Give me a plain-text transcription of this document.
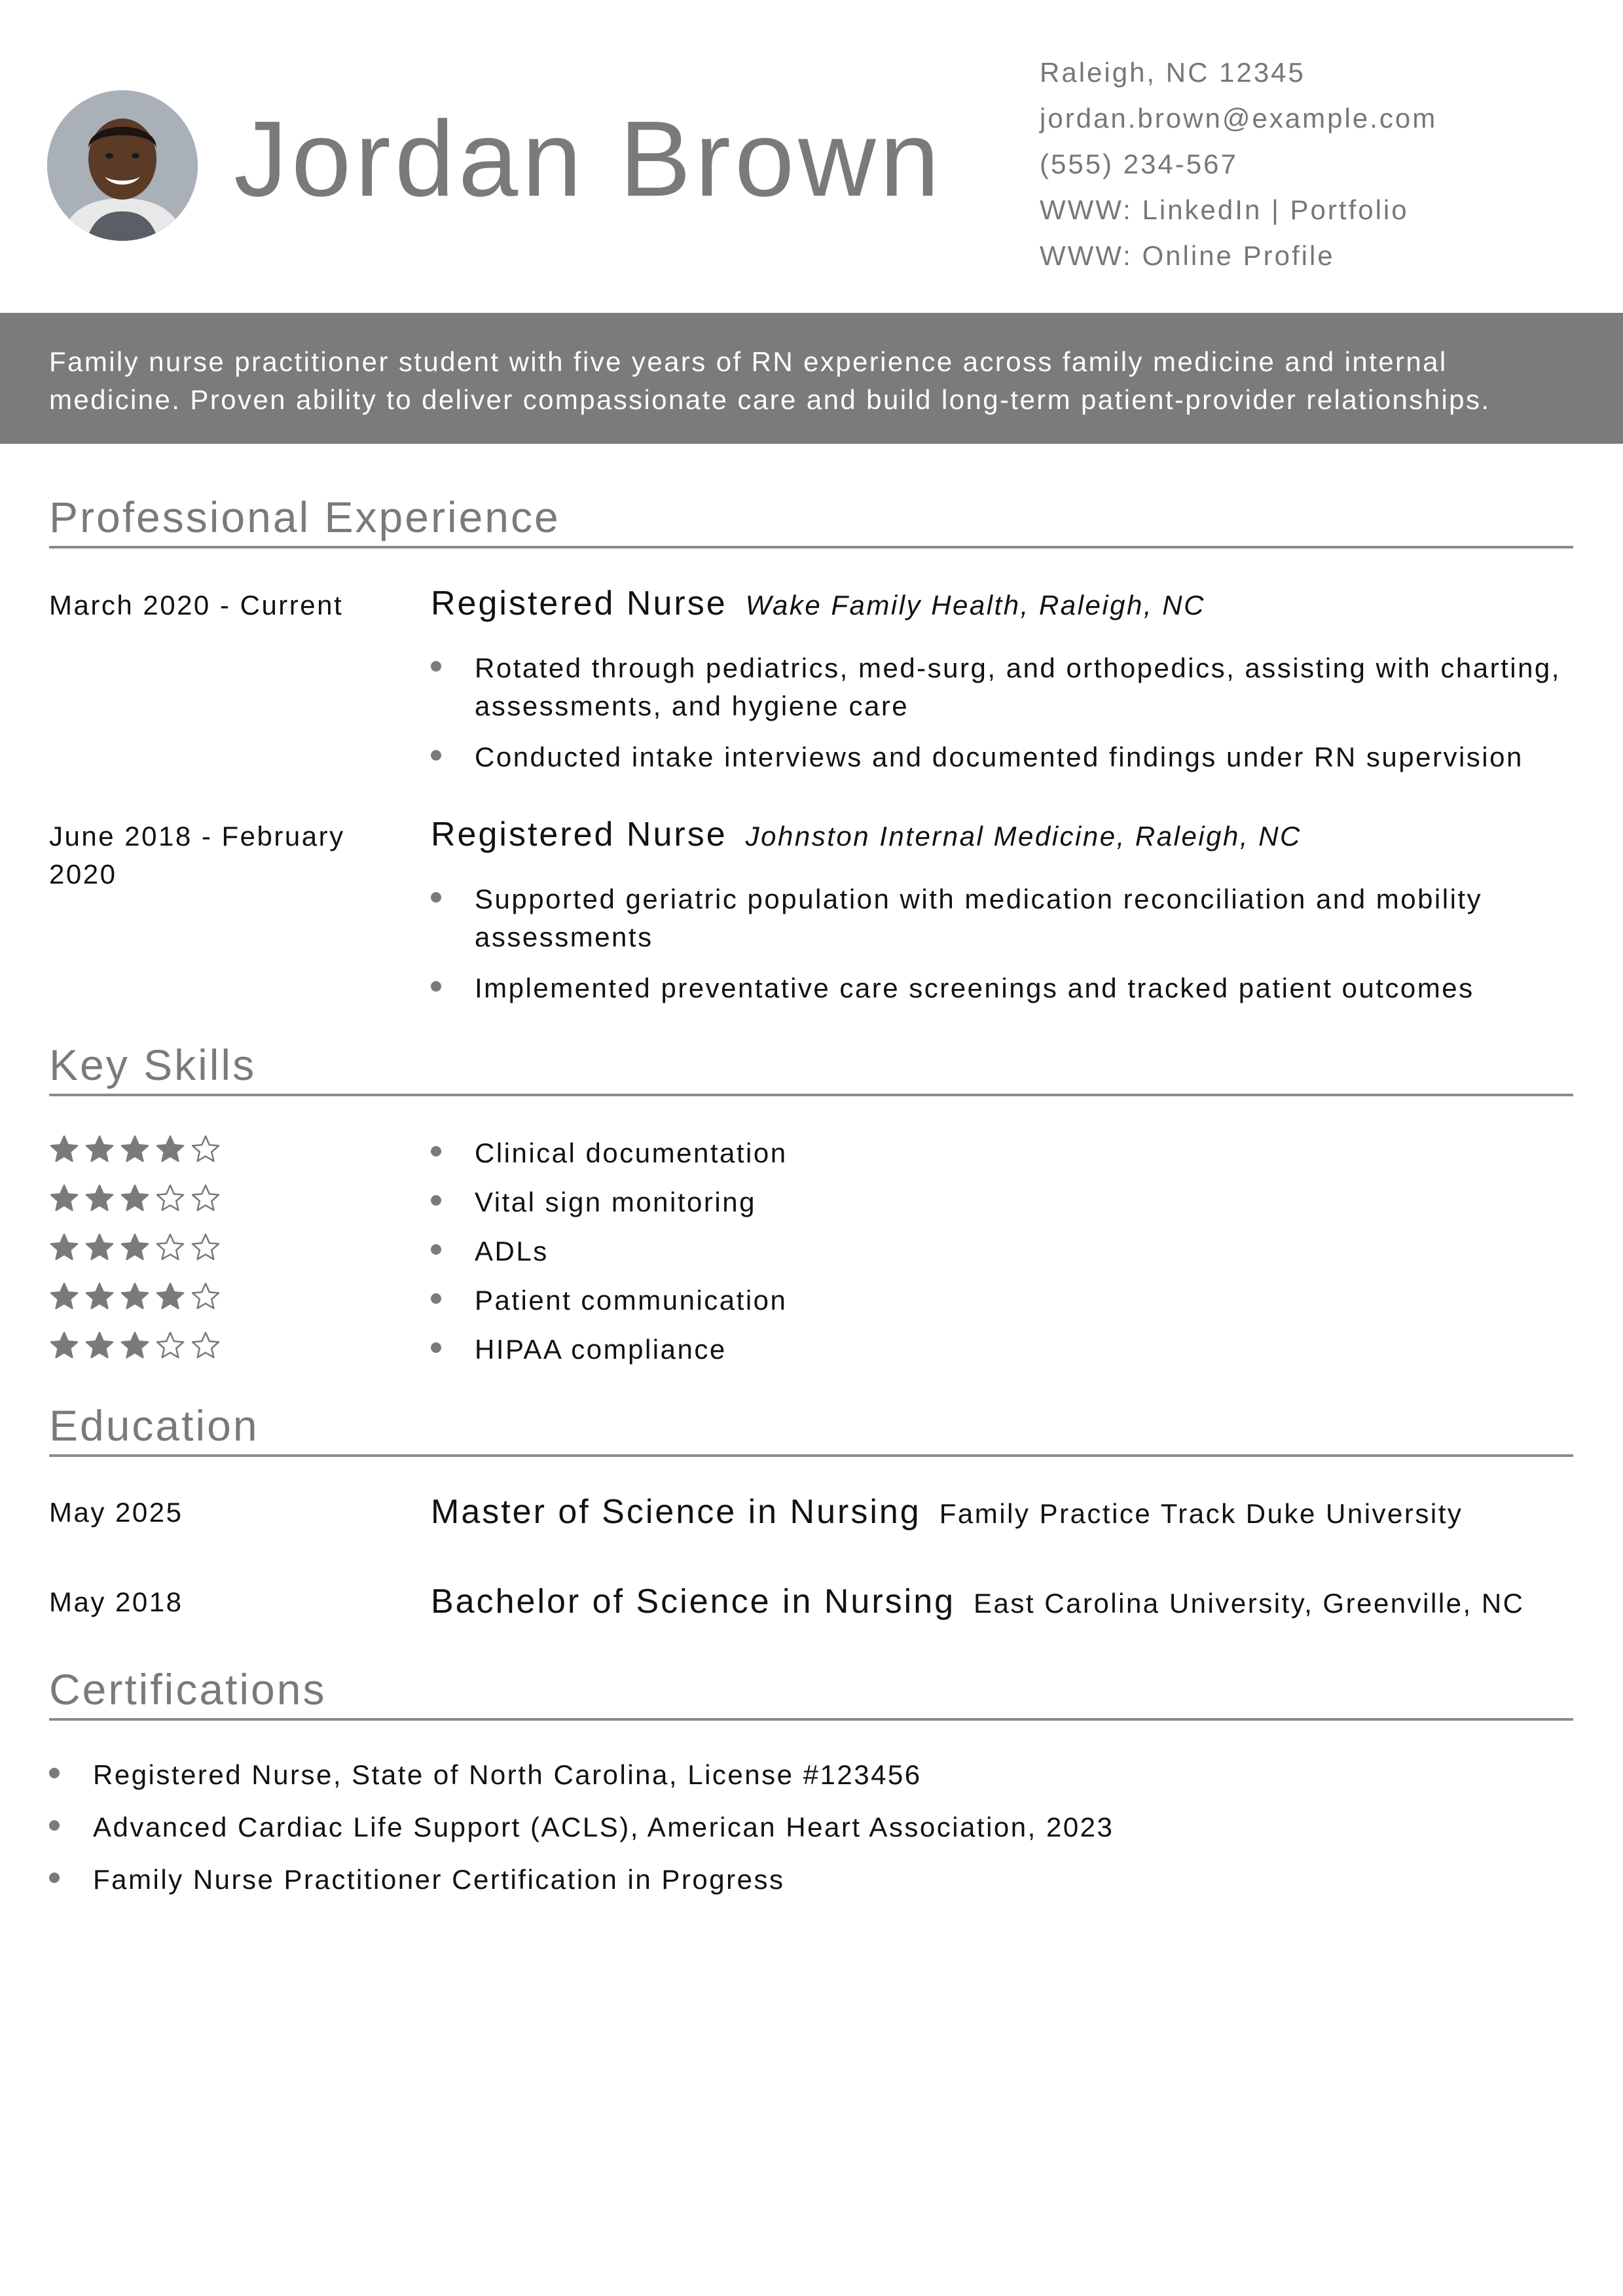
Jordan Brown
Raleigh, NC 12345
jordan.brown@example.com
(555) 234-567
WWW: LinkedIn | Portfolio
WWW: Online Profile

Family nurse practitioner student with five years of RN experience across family medicine and internal medicine. Proven ability to deliver compassionate care and build long-term patient-provider relationships.

Professional Experience
March 2020 - Current	Registered Nurse Wake Family Health, Raleigh, NC
Rotated through pediatrics, med-surg, and orthopedics, assisting with charting, assessments, and hygiene care
Conducted intake interviews and documented findings under RN supervision
June 2018 - February 2020
Registered Nurse Johnston Internal Medicine, Raleigh, NC
Supported geriatric population with medication reconciliation and mobility assessments
Implemented preventative care screenings and tracked patient outcomes
Key Skills
Clinical documentation
Vital sign monitoring
ADLs
Patient communication
HIPAA compliance
Education
May 2025	Master of Science in Nursing Family Practice Track Duke University
May 2018	Bachelor of Science in Nursing East Carolina University, Greenville, NC
Certifications
Registered Nurse, State of North Carolina, License #123456
Advanced Cardiac Life Support (ACLS), American Heart Association, 2023
Family Nurse Practitioner Certification in Progress
